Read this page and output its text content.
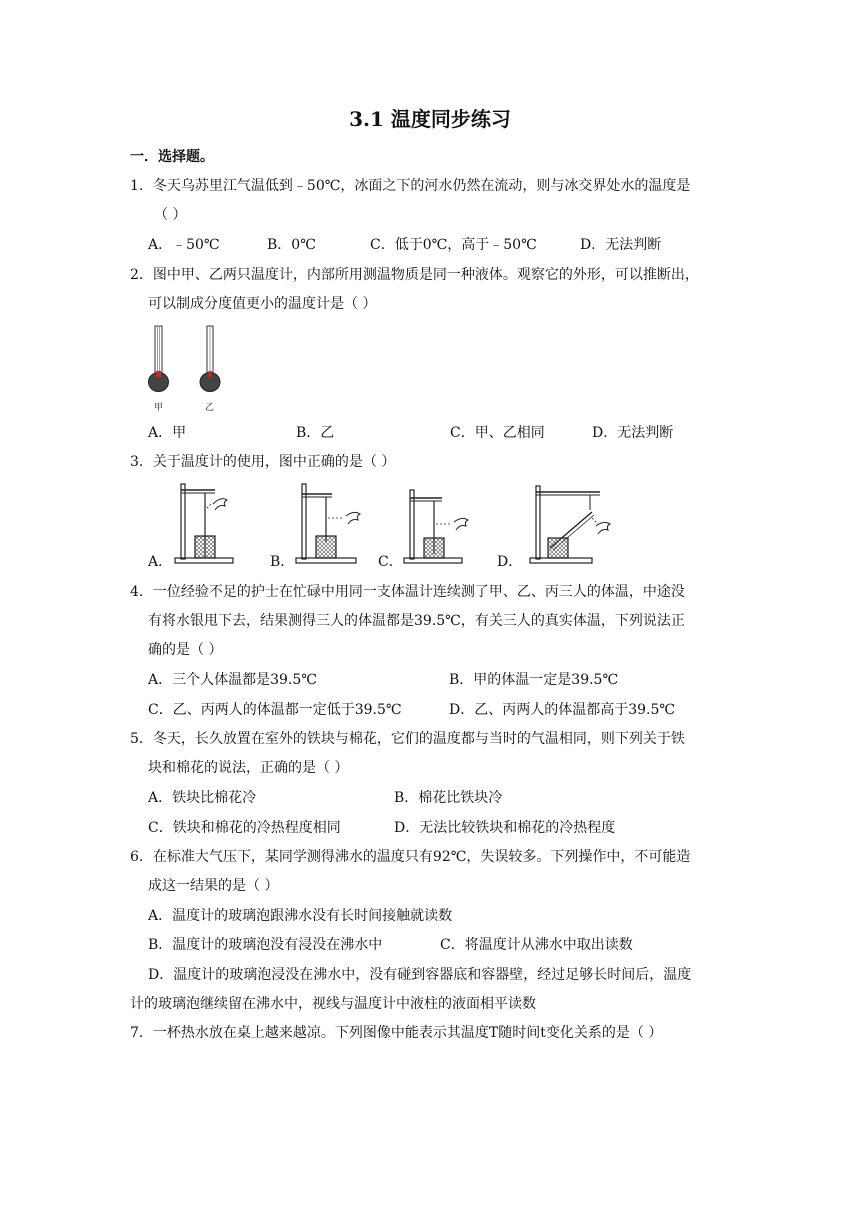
3.1 温度同步练习
一．选择题。
1．冬天乌苏里江气温低到﹣50℃，冰面之下的河水仍然在流动，则与冰交界处水的温度是
（ ）
A．﹣50℃	B．0℃	C．低于0℃，高于﹣50℃	D．无法判断
2．图中甲、乙两只温度计，内部所用测温物质是同一种液体。观察它的外形，可以推断出，
可以制成分度值更小的温度计是（ ）
甲	乙
A．甲	B．乙	C．甲、乙相同	D．无法判断
3．关于温度计的使用，图中正确的是（ ）
A．	B．	C．	D．
4．一位经验不足的护士在忙碌中用同一支体温计连续测了甲、乙、丙三人的体温，中途没
有将水银甩下去，结果测得三人的体温都是39.5℃，有关三人的真实体温，下列说法正
确的是（ ）
A．三个人体温都是39.5℃	B．甲的体温一定是39.5℃
C．乙、丙两人的体温都一定低于39.5℃	D．乙、丙两人的体温都高于39.5℃
5．冬天，长久放置在室外的铁块与棉花，它们的温度都与当时的气温相同，则下列关于铁
块和棉花的说法，正确的是（ ）
A．铁块比棉花冷	B．棉花比铁块冷
C．铁块和棉花的冷热程度相同	D．无法比较铁块和棉花的冷热程度
6．在标准大气压下，某同学测得沸水的温度只有92℃，失误较多。下列操作中，不可能造
成这一结果的是（ ）
A．温度计的玻璃泡跟沸水没有长时间接触就读数
B．温度计的玻璃泡没有浸没在沸水中	C．将温度计从沸水中取出读数
D．温度计的玻璃泡浸没在沸水中，没有碰到容器底和容器壁，经过足够长时间后，温度
计的玻璃泡继续留在沸水中，视线与温度计中液柱的液面相平读数
7．一杯热水放在桌上越来越凉。下列图像中能表示其温度T随时间t变化关系的是（ ）
